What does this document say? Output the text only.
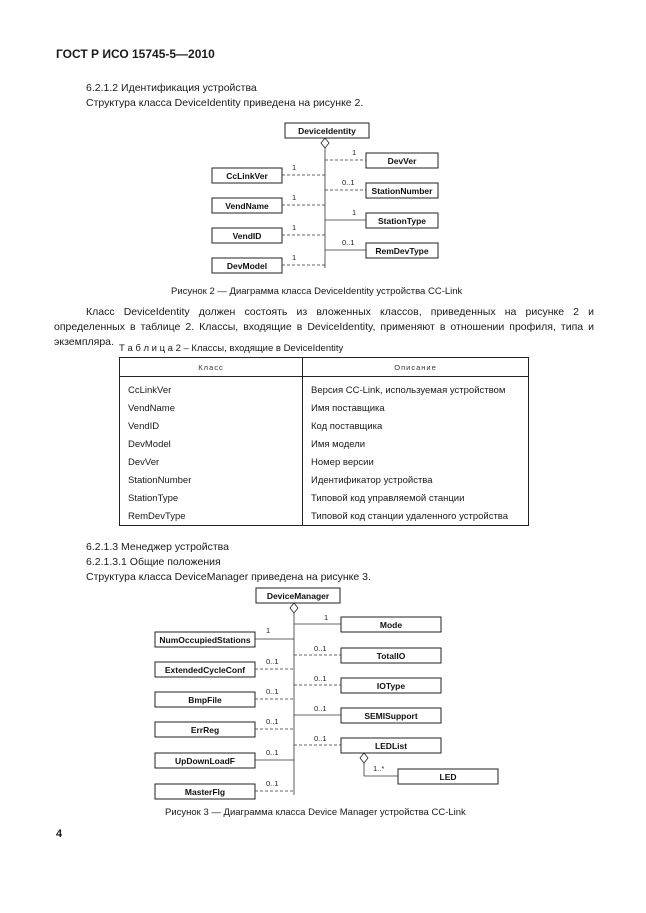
ГОСТ Р ИСО 15745-5—2010
6.2.1.2 Идентификация устройства
Структура класса DeviceIdentity приведена на рисунке 2.
DeviceIdentity
CcLinkVer
1
VendName
1
VendID
1
DevModel
1
DevVer
1
StationNumber
0..1
StationType
1
RemDevType
0..1
Рисунок 2 — Диаграмма класса DeviceIdentity устройства CC-Link
Класс DeviceIdentity должен состоять из вложенных классов, приведенных на рисунке 2 и определенных в таблице 2. Классы, входящие в DeviceIdentity, применяют в отношении профиля, типа и экземпляра.
Т а б л и ц а 2 – Классы, входящие в DeviceIdentity
Класс	Описание
CcLinkVer	Версия CC-Link, используемая устройством
VendName	Имя поставщика
VendID	Код поставщика
DevModel	Имя модели
DevVer	Номер версии
StationNumber	Идентификатор устройства
StationType	Типовой код управляемой станции
RemDevType	Типовой код станции удаленного устройства
6.2.1.3 Менеджер устройства
6.2.1.3.1 Общие положения
Структура класса DeviceManager приведена на рисунке 3.
DeviceManager
NumOccupiedStations
1
ExtendedCycleConf
0..1
BmpFile
0..1
ErrReg
0..1
UpDownLoadF
0..1
MasterFlg
0..1
Mode
1
TotalIO
0..1
IOType
0..1
SEMISupport
0..1
LEDList
0..1
1..*
LED
Рисунок 3 — Диаграмма класса Device Manager устройства CC-Link
4
